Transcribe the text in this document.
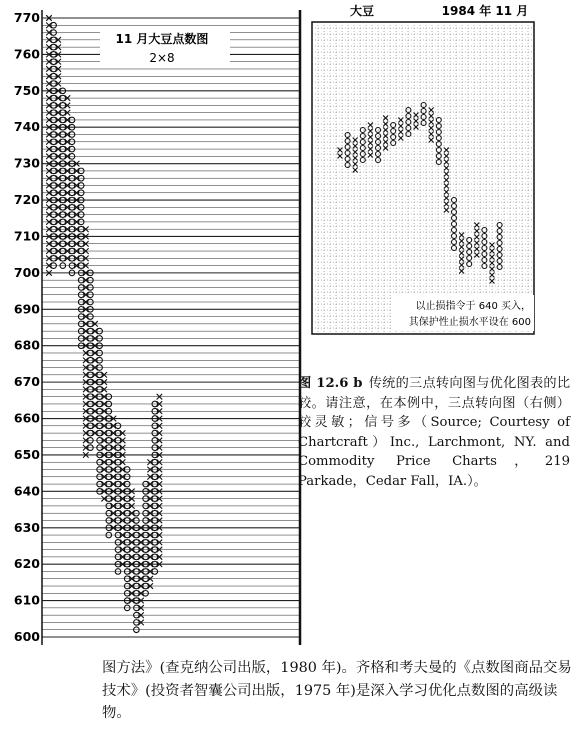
770
760
750
740
730
720
710
700
690
680
670
660
650
640
630
620
610
600
11 月大豆点数图
2×8
大豆	1984 年 11 月
以止损指令于 640 买入，
其保护性止损水平设在 600
图 12.6 b 传统的三点转向图与优化图表的比较。请注意，在本例中，三点转向图（右侧）较灵敏；信号多（Source; Courtesy of Chartcraft）Inc., Larchmont, NY. and Commodity Price Charts，219 Parkade，Cedar Fall，IA.）。
图方法》(查克纳公司出版，1980 年)。齐格和考夫曼的《点数图商品交易技术》(投资者智囊公司出版，1975 年)是深入学习优化点数图的高级读物。
